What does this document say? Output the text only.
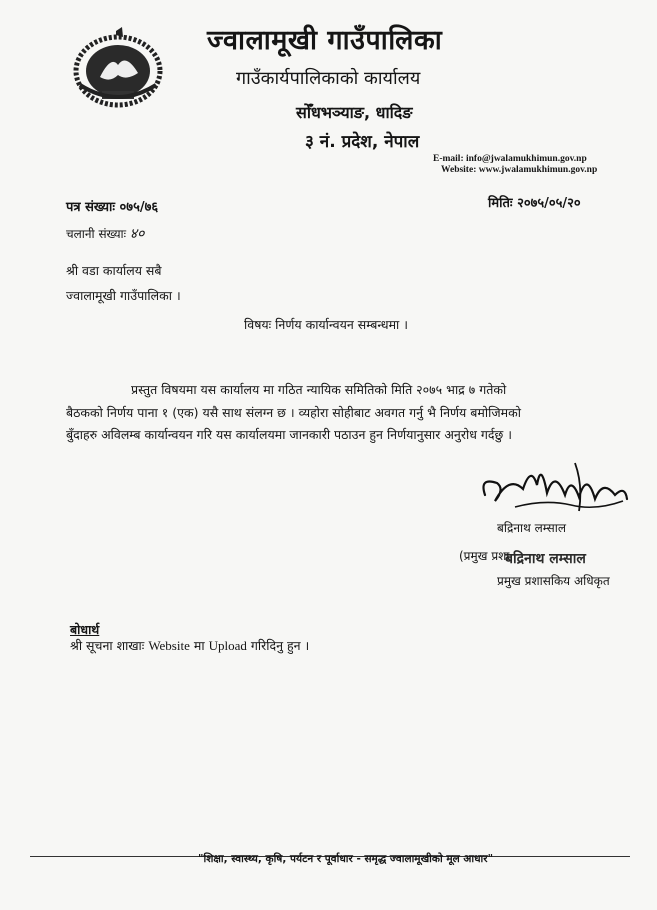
ज्वालामूखी गाउँपालिका
गाउँकार्यपालिकाको कार्यालय
सोँधभञ्याङ, धादिङ
३ नं. प्रदेश, नेपाल
E-mail: info@jwalamukhimun.gov.np
Website: www.jwalamukhimun.gov.np
पत्र संख्याः ०७५/७६	मितिः २०७५/०५/२०
चलानी संख्याः ४०
श्री वडा कार्यालय सबै
ज्वालामूखी गाउँपालिका ।
विषयः निर्णय कार्यान्वयन सम्बन्धमा ।
प्रस्तुत विषयमा यस कार्यालय मा गठित न्यायिक समितिको मिति २०७५ भाद्र ७ गतेको
बैठकको निर्णय पाना १ (एक) यसै साथ संलग्न छ । व्यहोरा सोहीबाट अवगत गर्नु भै निर्णय बमोजिमको
बुँदाहरु अविलम्ब कार्यान्वयन गरि यस कार्यालयमा जानकारी पठाउन हुन निर्णयानुसार अनुरोध गर्दछु ।
बद्रिनाथ लम्साल
(प्रमुख प्रशा
बद्रिनाथ लम्साल
प्रमुख प्रशासकिय अधिकृत
बोधार्थ
श्री सूचना शाखाः Website मा Upload गरिदिनु हुन ।
"शिक्षा, स्वास्थ्य, कृषि, पर्यटन र पूर्वाधार - समृद्ध ज्वालामूखीको मूल आधार"
